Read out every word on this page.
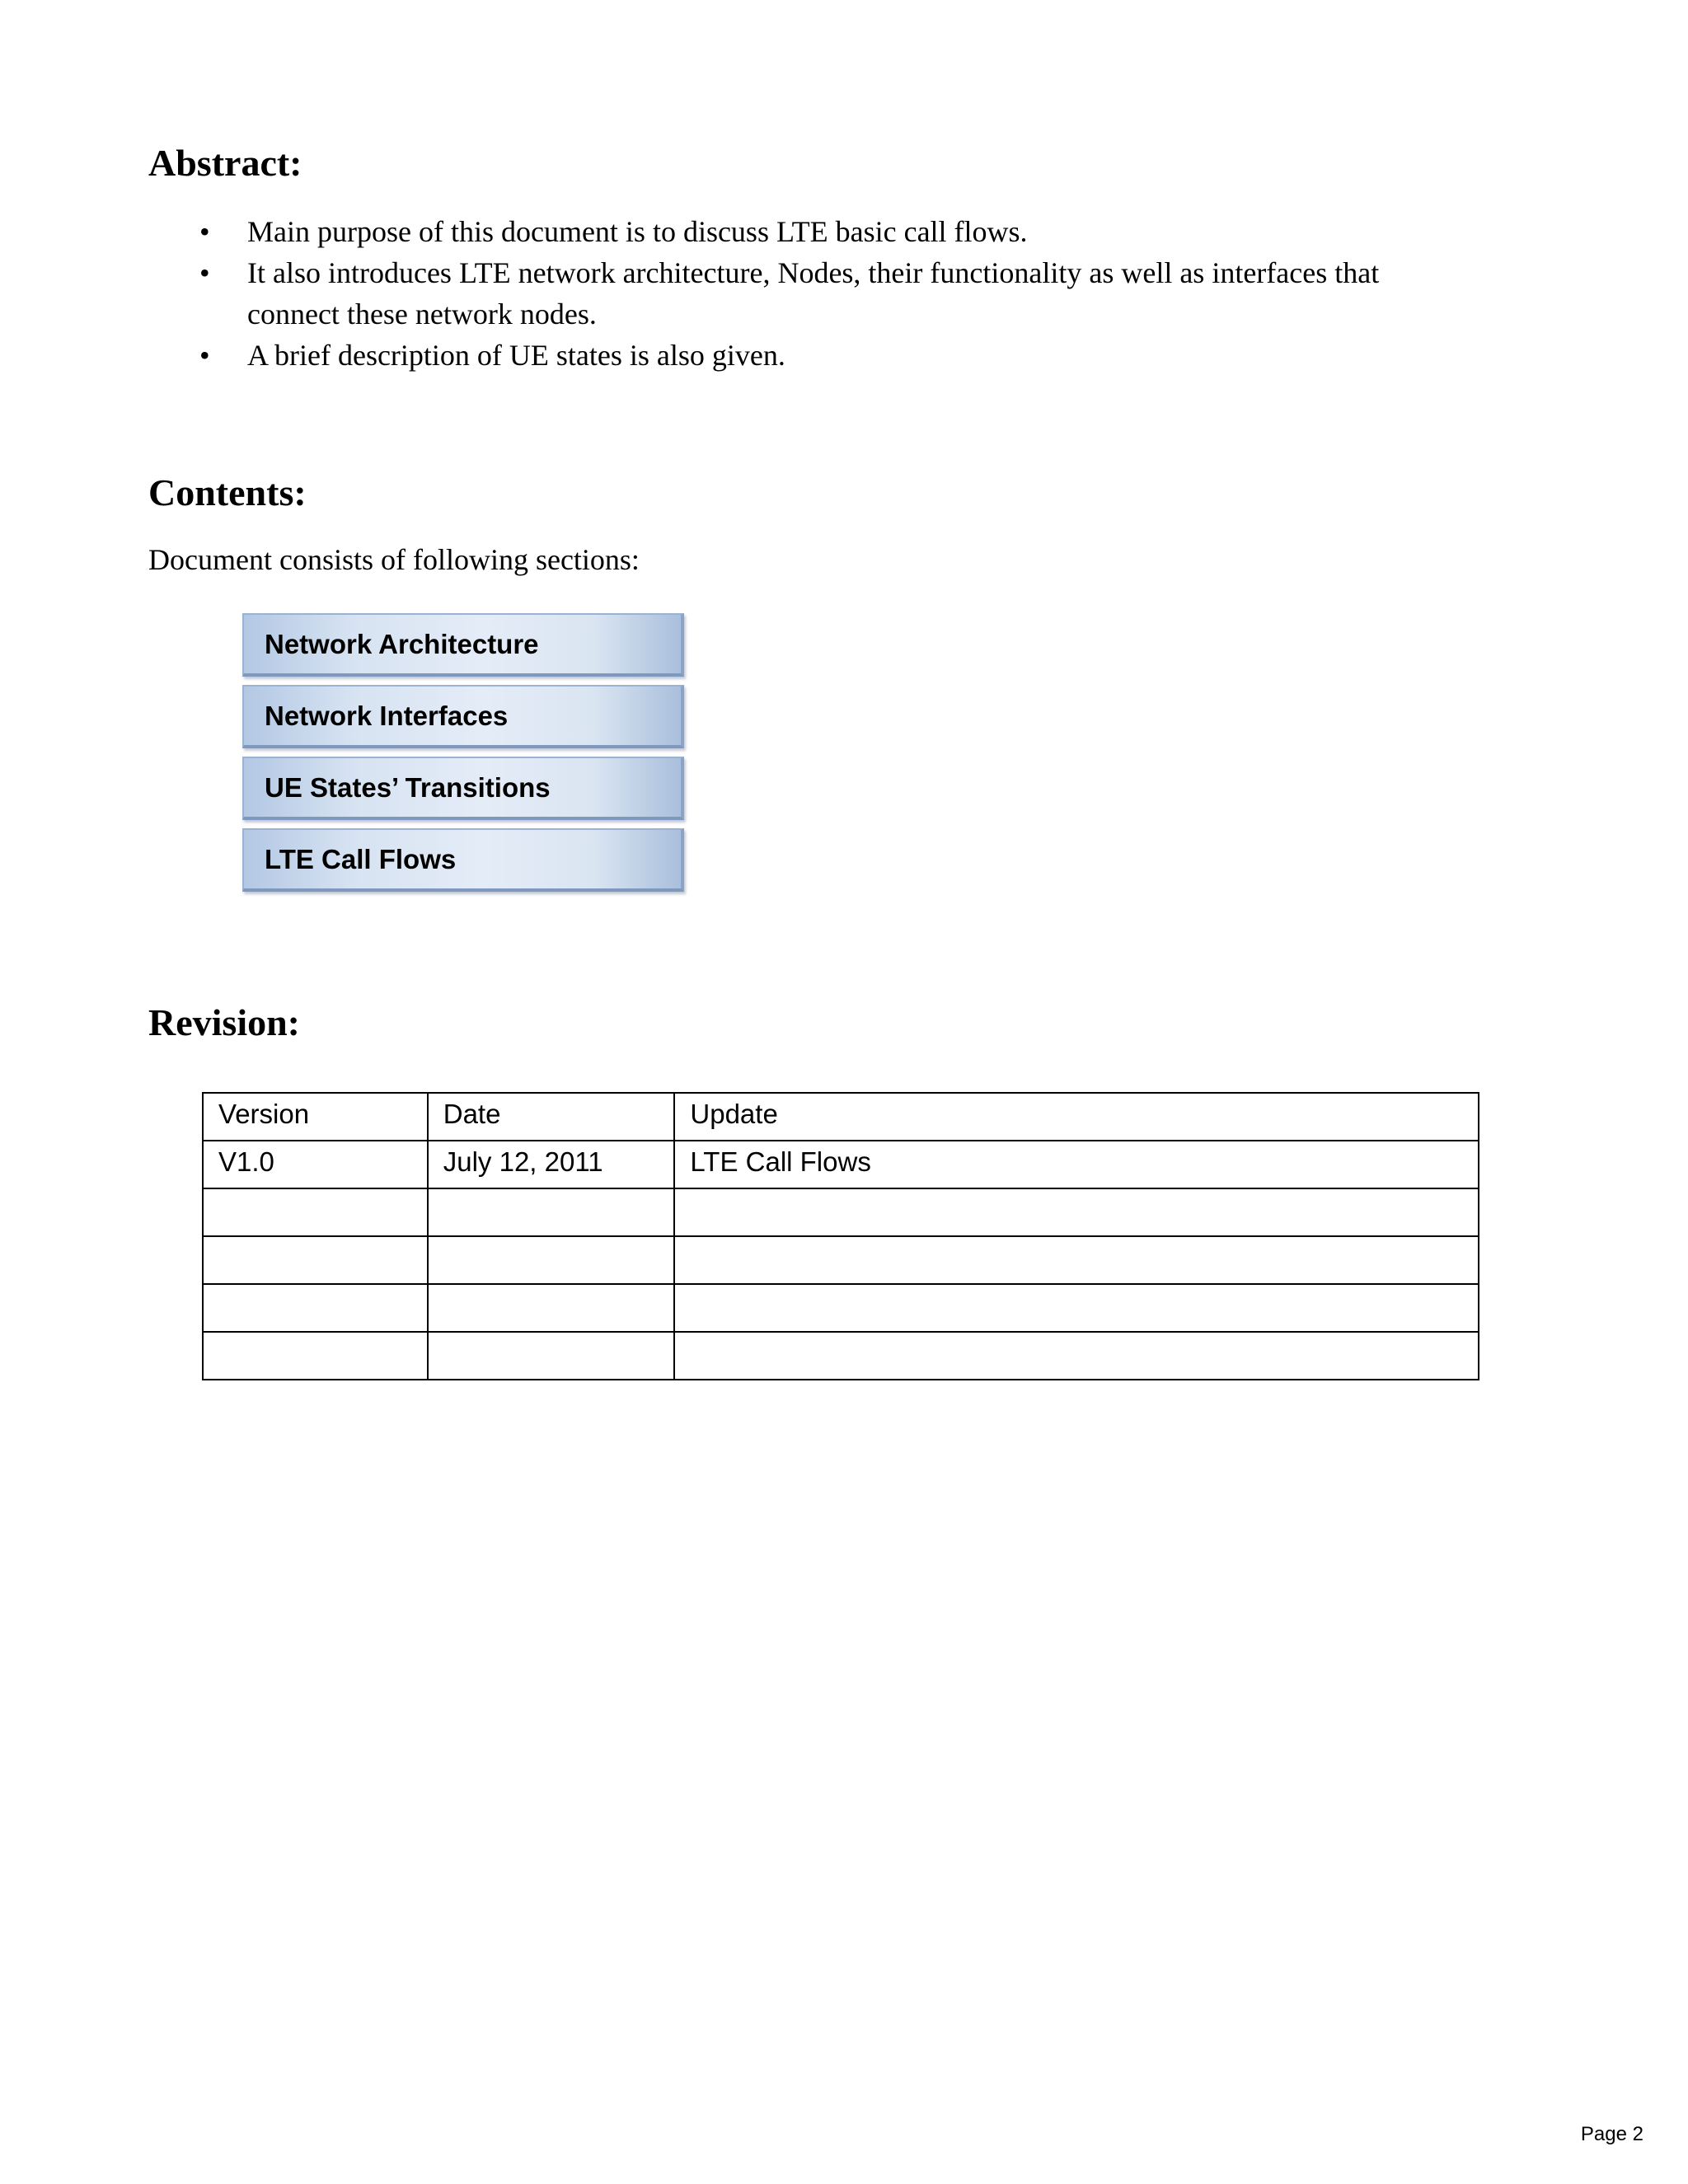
Abstract:
• Main purpose of this document is to discuss LTE basic call flows.
• It also introduces LTE network architecture, Nodes, their functionality as well as interfaces that connect these network nodes.
• A brief description of UE states is also given.
Contents:

Document consists of following sections:

Network Architecture
Network Interfaces
UE States’ Transitions
LTE Call Flows
Revision:
Version	Date	Update
V1.0	July 12, 2011	LTE Call Flows

Page 2
